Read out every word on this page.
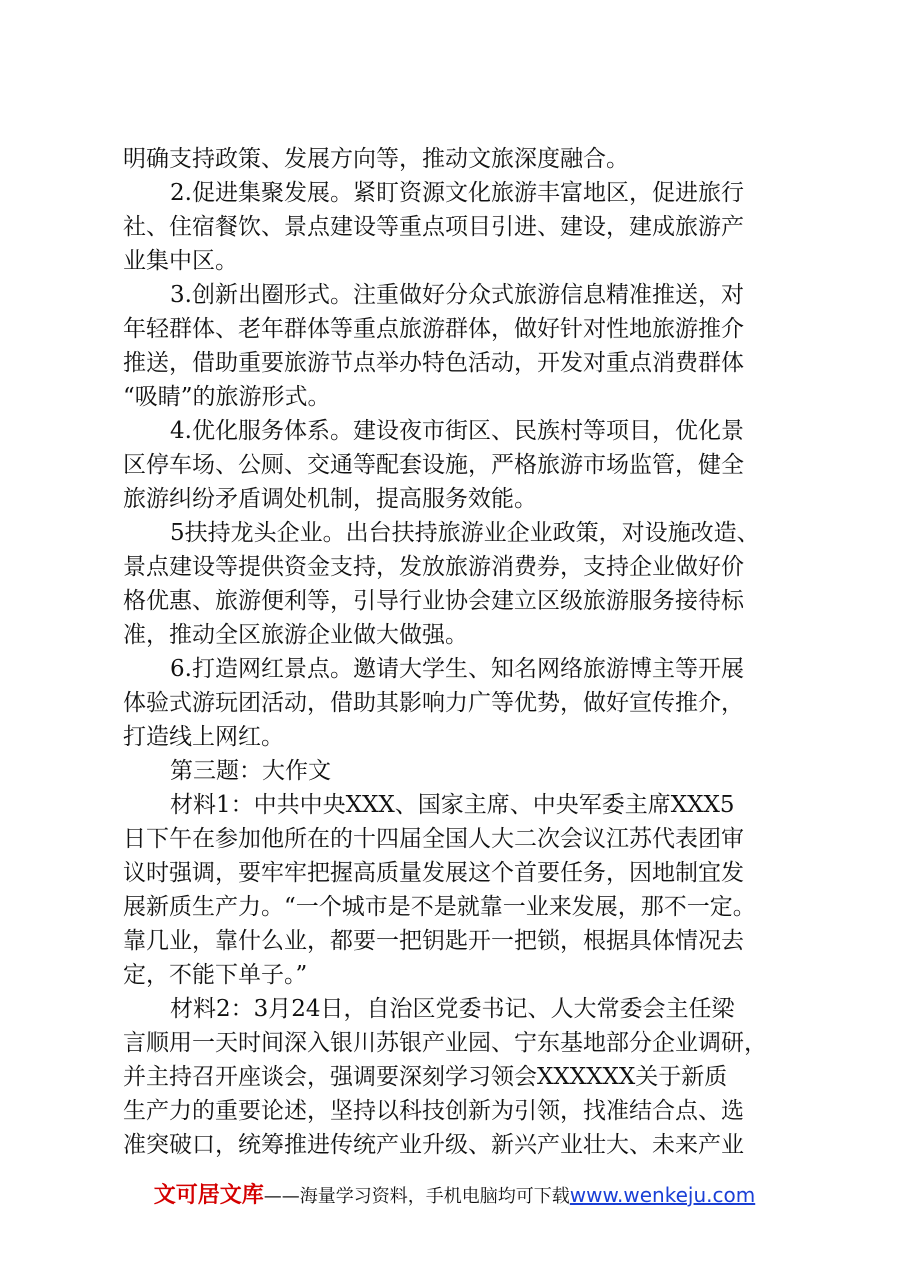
明确支持政策、发展方向等，推动文旅深度融合。
2.促进集聚发展。紧盯资源文化旅游丰富地区，促进旅行
社、住宿餐饮、景点建设等重点项目引进、建设，建成旅游产
业集中区。
3.创新出圈形式。注重做好分众式旅游信息精准推送，对
年轻群体、老年群体等重点旅游群体，做好针对性地旅游推介
推送，借助重要旅游节点举办特色活动，开发对重点消费群体
“吸睛”的旅游形式。
4.优化服务体系。建设夜市街区、民族村等项目，优化景
区停车场、公厕、交通等配套设施，严格旅游市场监管，健全
旅游纠纷矛盾调处机制，提高服务效能。
5扶持龙头企业。出台扶持旅游业企业政策，对设施改造、
景点建设等提供资金支持，发放旅游消费券，支持企业做好价
格优惠、旅游便利等，引导行业协会建立区级旅游服务接待标
准，推动全区旅游企业做大做强。
6.打造网红景点。邀请大学生、知名网络旅游博主等开展
体验式游玩团活动，借助其影响力广等优势，做好宣传推介，
打造线上网红。
第三题：大作文
材料1：中共中央XXX、国家主席、中央军委主席XXX5
日下午在参加他所在的十四届全国人大二次会议江苏代表团审
议时强调，要牢牢把握高质量发展这个首要任务，因地制宜发
展新质生产力。“一个城市是不是就靠一业来发展，那不一定。
靠几业，靠什么业，都要一把钥匙开一把锁，根据具体情况去
定，不能下单子。”
材料2：3月24日，自治区党委书记、人大常委会主任梁
言顺用一天时间深入银川苏银产业园、宁东基地部分企业调研，
并主持召开座谈会，强调要深刻学习领会XXXXXX关于新质
生产力的重要论述，坚持以科技创新为引领，找准结合点、选
准突破口，统筹推进传统产业升级、新兴产业壮大、未来产业
文可居文库——海量学习资料，手机电脑均可下载www.wenkeju.com
